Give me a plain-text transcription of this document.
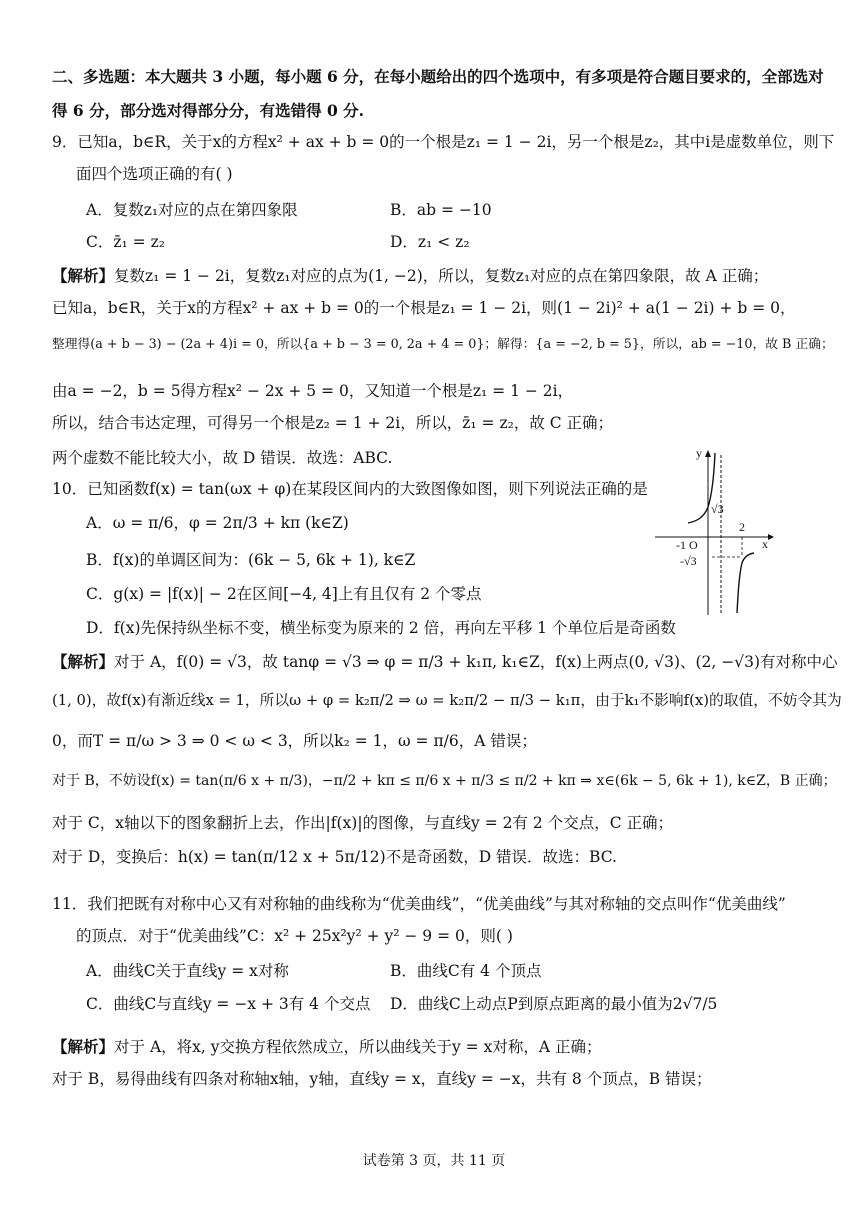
二、多选题：本大题共 3 小题，每小题 6 分，在每小题给出的四个选项中，有多项是符合题目要求的，全部选对
得 6 分，部分选对得部分分，有选错得 0 分.
9．已知a，b∈R，关于x的方程x² + ax + b = 0的一个根是z₁ = 1 − 2i，另一个根是z₂，其中i是虚数单位，则下
面四个选项正确的有( )
A．复数z₁对应的点在第四象限	B．ab = −10
C．z̄₁ = z₂	D．z₁ < z₂
【解析】复数z₁ = 1 − 2i，复数z₁对应的点为(1, −2)，所以，复数z₁对应的点在第四象限，故 A 正确；
已知a，b∈R，关于x的方程x² + ax + b = 0的一个根是z₁ = 1 − 2i，则(1 − 2i)² + a(1 − 2i) + b = 0，
整理得(a + b − 3) − (2a + 4)i = 0，所以{a + b − 3 = 0, 2a + 4 = 0}；解得：{a = −2, b = 5}，所以，ab = −10，故 B 正确；
由a = −2，b = 5得方程x² − 2x + 5 = 0，又知道一个根是z₁ = 1 − 2i，
所以，结合韦达定理，可得另一个根是z₂ = 1 + 2i，所以，z̄₁ = z₂，故 C 正确；
两个虚数不能比较大小，故 D 错误．故选：ABC.
10．已知函数f(x) = tan(ωx + φ)在某段区间内的大致图像如图，则下列说法正确的是
A．ω = π/6，φ = 2π/3 + kπ (k∈Z)
B．f(x)的单调区间为：(6k − 5, 6k + 1), k∈Z
C．g(x) = |f(x)| − 2在区间[−4, 4]上有且仅有 2 个零点
D．f(x)先保持纵坐标不变，横坐标变为原来的 2 倍，再向左平移 1 个单位后是奇函数
y
x
√3
-1 O
2
-√3
【解析】对于 A，f(0) = √3，故 tanφ = √3 ⇒ φ = π/3 + k₁π, k₁∈Z，f(x)上两点(0, √3)、(2, −√3)有对称中心
(1, 0)，故f(x)有渐近线x = 1，所以ω + φ = k₂π/2 ⇒ ω = k₂π/2 − π/3 − k₁π，由于k₁不影响f(x)的取值，不妨令其为
0，而T = π/ω > 3 ⇒ 0 < ω < 3，所以k₂ = 1，ω = π/6，A 错误；
对于 B，不妨设f(x) = tan(π/6 x + π/3)，−π/2 + kπ ≤ π/6 x + π/3 ≤ π/2 + kπ ⇒ x∈(6k − 5, 6k + 1), k∈Z，B 正确；
对于 C，x轴以下的图象翻折上去，作出|f(x)|的图像，与直线y = 2有 2 个交点，C 正确；
对于 D，变换后：h(x) = tan(π/12 x + 5π/12)不是奇函数，D 错误．故选：BC.
11．我们把既有对称中心又有对称轴的曲线称为“优美曲线”，“优美曲线”与其对称轴的交点叫作“优美曲线”
的顶点．对于“优美曲线”C：x² + 25x²y² + y² − 9 = 0，则( )
A．曲线C关于直线y = x对称	B．曲线C有 4 个顶点
C．曲线C与直线y = −x + 3有 4 个交点 D．曲线C上动点P到原点距离的最小值为2√7/5
【解析】对于 A，将x, y交换方程依然成立，所以曲线关于y = x对称，A 正确；
对于 B，易得曲线有四条对称轴x轴，y轴，直线y = x，直线y = −x，共有 8 个顶点，B 错误；
试卷第 3 页，共 11 页
